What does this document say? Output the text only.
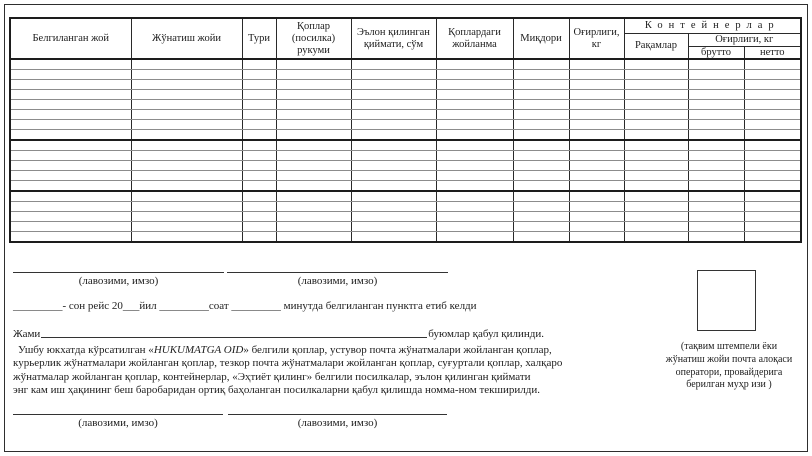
Белгиланган жой	Жўнатиш жойи	Тури	Қоплар (посилка) рукуми	Эълон қилинган қиймати, сўм	Қоплардаги жойланма	Миқдори	Оғирлиги, кг	Контейнерлар		
								Рақамлар	Оғирлиги, кг	
									брутто	нетто

(лавозими, имзо)	(лавозими, имзо)
_________- сон рейс 20___йил _________соат _________ минутда белгиланган пунктга етиб келди
Жами	буюмлар қабул қилинди.
Ушбу юкхатда кўрсатилган «HUKUMATGA OID» белгили қоплар, устувор почта жўнатмалари жойланган қоплар,
курьерлик жўнатмалари жойланган қоплар, тезкор почта жўнатмалари жойланган қоплар, суғуртали қоплар, халқаро
жўнатмалар жойланган қоплар, контейнерлар, «Эҳтиёт қилинг» белгили посилкалар, эълон қилинган қиймати
энг кам иш ҳақининг беш баробаридан ортиқ баҳоланган посилкаларни қабул қилишда номма-ном текширилди.
(лавозими, имзо)	(лавозими, имзо)
(тақвим штемпели ёки
жўнатиш жойи почта алоқаси
оператори, провайдерига
берилган муҳр изи )
